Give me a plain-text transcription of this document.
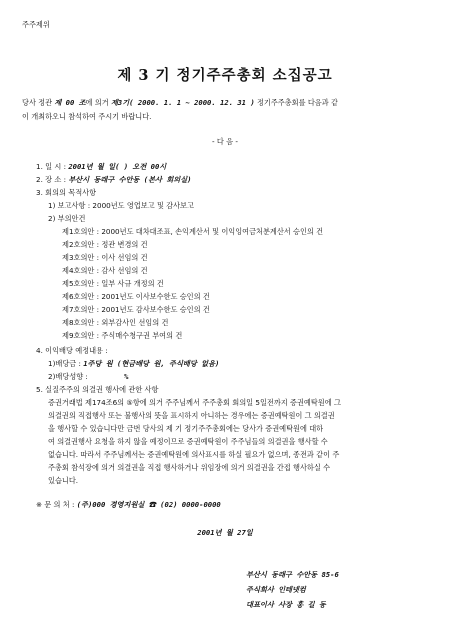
주주제위
제 3 기 정기주주총회 소집공고
당사 정관 제 00 조에 의거 제3기( 2000. 1. 1 ~ 2000. 12. 31 ) 정기주주총회를 다음과 같
이 개최하오니 참석하여 주시기 바랍니다.
- 다 음 -
1. 일 시 : 2001년 월 일( ) 오전 00시
2. 장 소 : 부산시 동래구 수안동 (본사 회의실)
3. 회의의 목적사항
1) 보고사항 : 2000년도 영업보고 및 감사보고
2) 부의안건
제1호의안 : 2000년도 대차대조표, 손익계산서 및 이익잉여금처분계산서 승인의 건
제2호의안 : 정관 변경의 건
제3호의안 : 이사 선임의 건
제4호의안 : 감사 선임의 건
제5호의안 : 일부 사규 개정의 건
제6호의안 : 2001년도 이사보수한도 승인의 건
제7호의안 : 2001년도 감사보수한도 승인의 건
제8호의안 : 외부감사인 선임의 건
제9호의안 : 주식매수청구권 부여의 건
4. 이익배당 예정내용 :
1)배당금 : 1주당 원 (현금배당 원, 주식배당 없음)
2)배당성향 :	%
5. 실질주주의 의결권 행사에 관한 사항
증권거래법 제174조6의 ⑤항에 의거 주주님께서 주주총회 회의일 5일전까지 증권예탁원에 그
의결권의 직접행사 또는 불행사의 뜻을 표시하지 아니하는 경우에는 증권예탁원이 그 의결권
을 행사할 수 있습니다만 금번 당사의 제 기 정기주주총회에는 당사가 증권예탁원에 대하
여 의결권행사 요청을 하지 않을 예정이므로 증권예탁원이 주주님들의 의결권을 행사할 수
없습니다. 따라서 주주님께서는 증권예탁원에 의사표시를 하실 필요가 없으며, 종전과 같이 주
주총회 참석장에 의거 의결권을 직접 행사하거나 위임장에 의거 의결권을 간접 행사하실 수
있습니다.
※ 문 의 처 : (주)000 경영지원실 ☎ (02) 0000-0000
2001년 월 27일
부산시 동래구 수안동 85-6
주식회사 인테넷컴
대표이사 사장 홍 길 동
